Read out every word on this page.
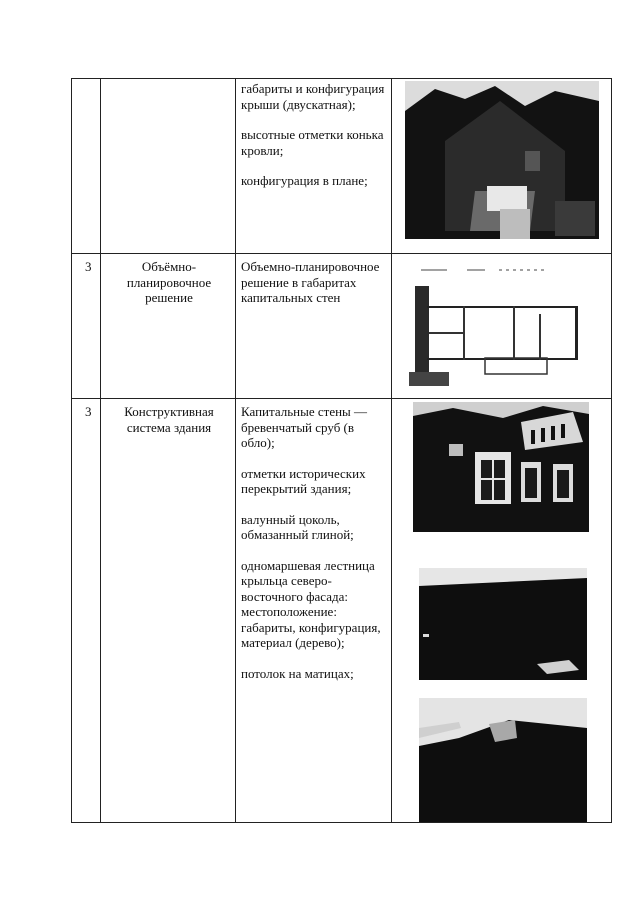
габариты и конфигурация крыши (двускатная);

высотные отметки конька кровли;

конфигурация в плане;

3	Объёмно-планировочное решение

Объемно-планировочное решение в габаритах капитальных стен

3	Конструктивная система здания

Капитальные стены — бревенчатый сруб (в обло);

отметки исторических перекрытий здания;

валунный цоколь, обмазанный глиной;

одномаршевая лестница крыльца северо-восточного фасада: местоположение: габариты, конфигурация, материал (дерево);

потолок на матицах;
